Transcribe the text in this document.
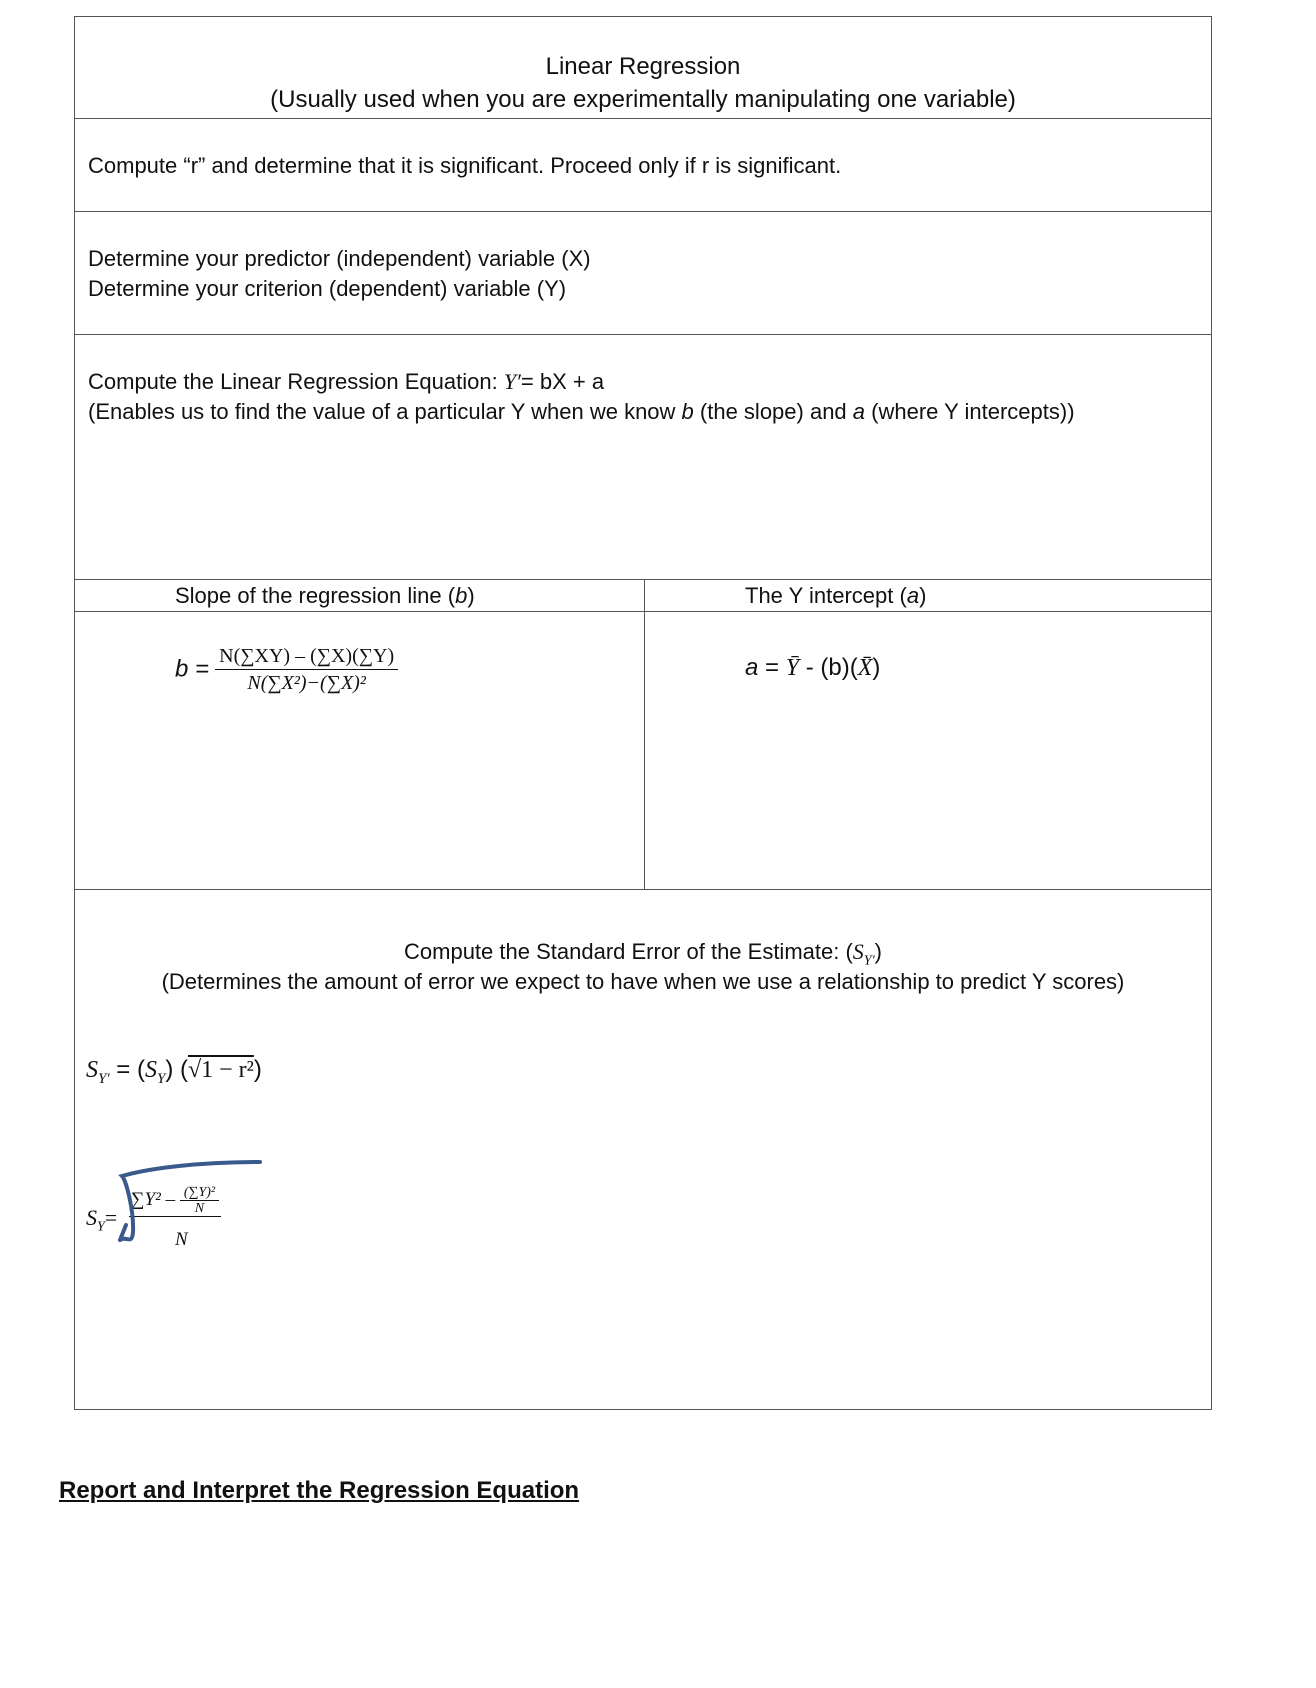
Linear Regression
(Usually used when you are experimentally manipulating one variable)
Compute “r” and determine that it is significant. Proceed only if r is significant.
Determine your predictor (independent) variable (X)
Determine your criterion (dependent) variable (Y)
Compute the Linear Regression Equation: Y′= bX + a
(Enables us to find the value of a particular Y when we know b (the slope) and a (where Y intercepts))
Slope of the regression line (b)	The Y intercept (a)
$b = \frac{N(\sum XY) - (\sum X)(\sum Y)}{\text{N(∑X²)−(∑X)²}}$	a = Ȳ - (b)(X̄)
Compute the Standard Error of the Estimate: $(S_{Y'})$
(Determines the amount of error we expect to have when we use a relationship to predict Y scores)
$S_{Y'} = (S_Y) (√1 - r^2)$
$S_Y=$
$\sum Y^2 - \frac{\text{(∑Y)²}}{N}$
N
Report and Interpret the Regression Equation
